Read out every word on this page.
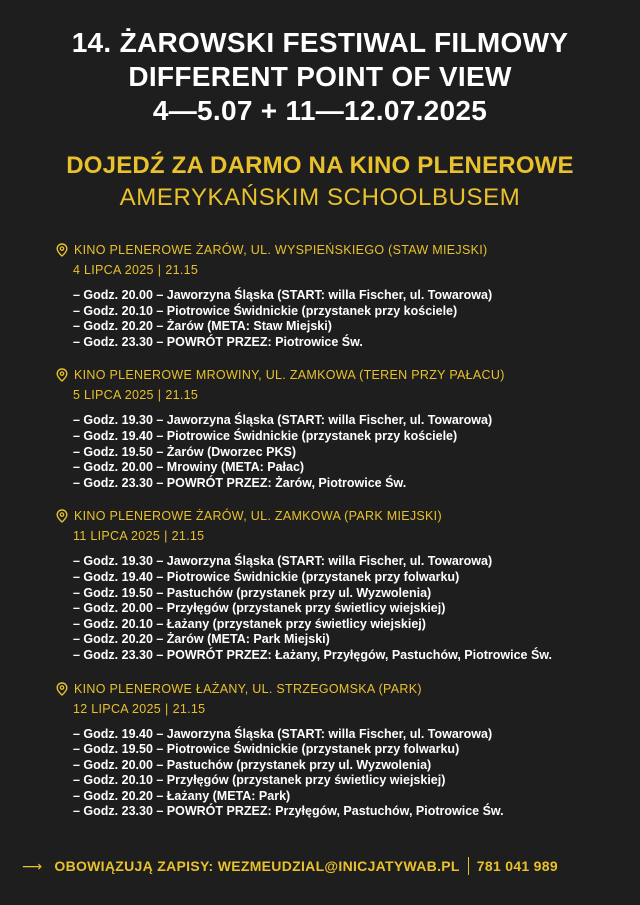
14. ŻAROWSKI FESTIWAL FILMOWY
DIFFERENT POINT OF VIEW
4—5.07 + 11—12.07.2025
DOJEDŹ ZA DARMO NA KINO PLENEROWE
AMERYKAŃSKIM SCHOOLBUSEM
KINO PLENEROWE ŻARÓW, UL. WYSPIEŃSKIEGO (STAW MIEJSKI)
4 LIPCA 2025 | 21.15
– Godz. 20.00 – Jaworzyna Śląska (START: willa Fischer, ul. Towarowa)
– Godz. 20.10 – Piotrowice Świdnickie (przystanek przy kościele)
– Godz. 20.20 – Żarów (META: Staw Miejski)
– Godz. 23.30 – POWRÓT PRZEZ: Piotrowice Św.
KINO PLENEROWE MROWINY, UL. ZAMKOWA (TEREN PRZY PAŁACU)
5 LIPCA 2025 | 21.15
– Godz. 19.30 – Jaworzyna Śląska (START: willa Fischer, ul. Towarowa)
– Godz. 19.40 – Piotrowice Świdnickie (przystanek przy kościele)
– Godz. 19.50 – Żarów (Dworzec PKS)
– Godz. 20.00 – Mrowiny (META: Pałac)
– Godz. 23.30 – POWRÓT PRZEZ: Żarów, Piotrowice Św.
KINO PLENEROWE ŻARÓW, UL. ZAMKOWA (PARK MIEJSKI)
11 LIPCA 2025 | 21.15
– Godz. 19.30 – Jaworzyna Śląska (START: willa Fischer, ul. Towarowa)
– Godz. 19.40 – Piotrowice Świdnickie (przystanek przy folwarku)
– Godz. 19.50 – Pastuchów (przystanek przy ul. Wyzwolenia)
– Godz. 20.00 – Przyłęgów (przystanek przy świetlicy wiejskiej)
– Godz. 20.10 – Łażany (przystanek przy świetlicy wiejskiej)
– Godz. 20.20 – Żarów (META: Park Miejski)
– Godz. 23.30 – POWRÓT PRZEZ: Łażany, Przyłęgów, Pastuchów, Piotrowice Św.
KINO PLENEROWE ŁAŻANY, UL. STRZEGOMSKA (PARK)
12 LIPCA 2025 | 21.15
– Godz. 19.40 – Jaworzyna Śląska (START: willa Fischer, ul. Towarowa)
– Godz. 19.50 – Piotrowice Świdnickie (przystanek przy folwarku)
– Godz. 20.00 – Pastuchów (przystanek przy ul. Wyzwolenia)
– Godz. 20.10 – Przyłęgów (przystanek przy świetlicy wiejskiej)
– Godz. 20.20 – Łażany (META: Park)
– Godz. 23.30 – POWRÓT PRZEZ: Przyłęgów, Pastuchów, Piotrowice Św.
⟶ OBOWIĄZUJĄ ZAPISY: WEZMEUDZIAL@INICJATYWAB.PL 781 041 989
